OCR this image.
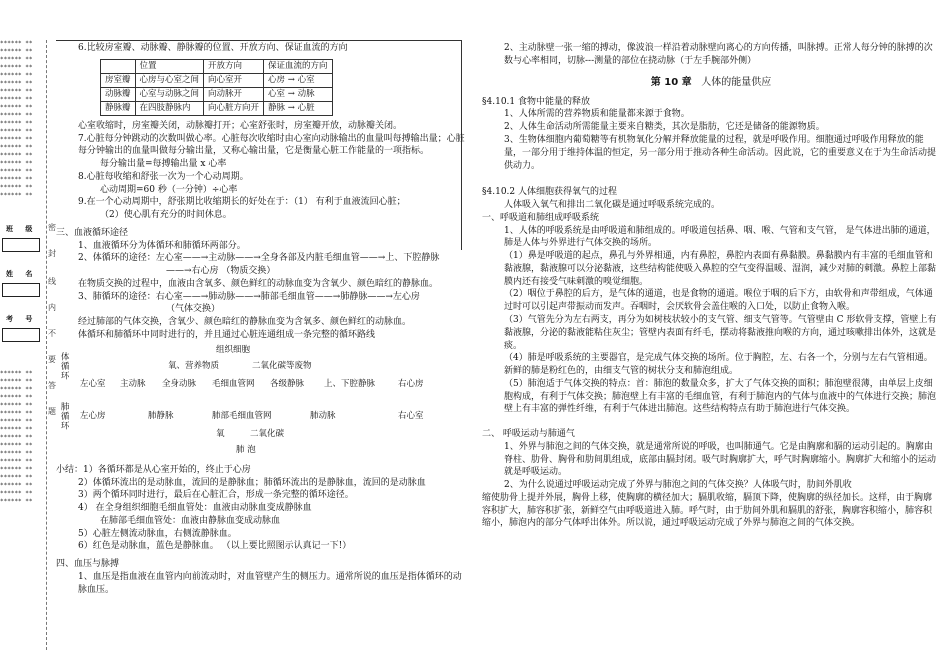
****** **
****** **
****** **
****** **
****** **
****** **
****** **
****** **
****** **
****** **
****** **
****** **
****** **
****** **
****** **
****** **
****** **
****** **
****** **
****** **
****** **
****** **
****** **
****** **
****** **
****** **
****** **
****** **
****** **
****** **
****** **
****** **
****** **
****** **
****** **
****** **
****** **
密
封
线
内
不
要
答
题
班 级
姓 名
考 号

6.比较房室瓣、动脉瓣、静脉瓣的位置、开放方向、保证血流的方向

	位置	开放方向	保证血流的方向
房室瓣	心房与心室之间	向心室开	心房 → 心室
动脉瓣	心室与动脉之间	向动脉开	心室 → 动脉
静脉瓣	在四肢静脉内	向心脏方向开	静脉 → 心脏

心室收缩时，房室瓣关闭，动脉瓣打开；心室舒张时，房室瓣开放，动脉瓣关闭。

7.心脏每分钟跳动的次数叫做心率。心脏每次收缩时由心室向动脉输出的血量叫每搏输出量；心脏每分钟输出的血量叫做每分输出量，又称心输出量，它是衡量心脏工作能量的一项指标。

每分输出量=每搏输出量 x 心率

8.心脏每收缩和舒张一次为一个心动周期。

心动周期=60 秒（一分钟）÷心率

9.在一个心动周期中，舒张期比收缩期长的好处在于：（1） 有利于血液流回心脏；

（2）使心肌有充分的时间休息。

三、血液循环途径

1、血液循环分为体循环和肺循环两部分。

2、体循环的途径：左心室——→主动脉——→全身各部及内脏毛细血管——→上、下腔静脉

——→右心房 （物质交换）

在物质交换的过程中，血液由含氧多、颜色鲜红的动脉血变为含氧少、颜色暗红的静脉血。

3、肺循环的途径：右心室——→肺动脉——→肺部毛细血管——→肺静脉——→左心房

（气体交换）

经过肺部的气体交换，含氧少、颜色暗红的静脉血变为含氧多、颜色鲜红的动脉血。

体循环和肺循环中同时进行的，并且通过心脏连通组成一条完整的循环路线

组织细胞
氧、营养物质	二氧化碳等废物
体循环
左心室 主动脉 全身动脉 毛细血管网 各级静脉 上、下腔静脉	右心房
肺循环 左心房	肺静脉	肺部毛细血管网	肺动脉	右心室
氧	二氧化碳
肺 泡

小结：1）各循环都是从心室开始的，终止于心房

2）体循环流出的是动脉血，流回的是静脉血；肺循环流出的是静脉血，流回的是动脉血

3）两个循环同时进行，最后在心脏汇合，形成一条完整的循环途径。

4） 在全身组织细胞毛细血管处：血液由动脉血变成静脉血

在肺部毛细血管处：血液由静脉血变成动脉血

5）心脏左侧流动脉血，右侧流静脉血。

6）红色是动脉血，蓝色是静脉血。 （以上要比照图示认真记一下!）

四、血压与脉搏

1、血压是指血液在血管内向前流动时，对血管壁产生的侧压力。通常所说的血压是指体循环的动脉血压。

2、主动脉壁一张一缩的搏动，像波浪一样沿着动脉壁向离心的方向传播，叫脉搏。正常人每分钟的脉搏的次数与心率相同，切脉---测量的部位在挠动脉（于左手腕部外侧）

第 10 章 人体的能量供应

§4.10.1 食物中能量的释放

1、人体所需的营养物质和能量都来源于食物。

2、人体生命活动所需能量主要来自糖类，其次是脂肪，它还是储备的能源物质。

3、生物体细胞内葡萄糖等有机物氧化分解并释放能量的过程，就是呼吸作用。细胞通过呼吸作用释放的能量，一部分用于维持体温的恒定，另一部分用于推动各种生命活动。因此说，它的重要意义在于为生命活动提供动力。

§4.10.2 人体细胞获得氧气的过程

人体吸入氧气和排出二氧化碳是通过呼吸系统完成的。

一、呼吸道和肺组成呼吸系统

1、人体的呼吸系统是由呼吸道和肺组成的。呼吸道包括鼻、咽、喉、气管和支气管， 是气体进出肺的通道，肺是人体与外界进行气体交换的场所。

（1）鼻是呼吸道的起点，鼻孔与外界相通，内有鼻腔，鼻腔内表面有鼻黏膜。鼻黏膜内有丰富的毛细血管和黏液腺，黏液腺可以分泌黏液，这些结构能使吸入鼻腔的空气变得温暖、湿润，减少对肺的刺激。鼻腔上部黏膜内还有接受气味刺激的嗅觉细胞。

（2）咽位于鼻腔的后方，是气体的通道，也是食物的通道。喉位于咽的后下方，由软骨和声带组成，气体通过时可以引起声带振动而发声。吞咽时，会厌软骨会盖住喉的入口处，以防止食物入喉。

（3）气管先分为左右两支，再分为如树枝状较小的支气管、细支气管等。气管壁由 C 形软骨支撑，管壁上有黏液腺，分泌的黏液能粘住灰尘；管壁内表面有纤毛，摆动将黏液推向喉的方向，通过咳嗽排出体外，这就是痰。

（4）肺是呼吸系统的主要器官，是完成气体交换的场所。位于胸腔，左、右各一个，分别与左右气管相通。新鲜的肺是粉红色的，由细支气管的树状分支和肺泡组成。

（5）肺泡适于气体交换的特点：首：肺泡的数量众多，扩大了气体交换的面积；肺泡壁很薄，由单层上皮细胞构成，有利于气体交换；肺泡壁上有丰富的毛细血管，有利于肺泡内的气体与血液中的气体进行交换；肺泡壁上有丰富的弹性纤维，有利于气体进出肺泡。这些结构特点有助于肺泡进行气体交换。

二、 呼吸运动与肺通气

1、外界与肺泡之间的气体交换，就是通常所说的呼吸，也叫肺通气。它是由胸廓和膈的运动引起的。胸廓由脊柱、肋骨、胸骨和肋间肌组成，底部由膈封闭。吸气时胸廓扩大，呼气时胸廓缩小。胸廓扩大和缩小的运动就是呼吸运动。

2、为什么说通过呼吸运动完成了外界与肺泡之间的气体交换？人体吸气时，肋间外肌收

缩使肋骨上提并外展，胸骨上移，使胸廓的横径加大；膈肌收缩，膈顶下降，使胸廓的纵径加长。这样，由于胸廓容积扩大，肺容积扩张，新鲜空气由呼吸道进入肺。呼气时，由于肋间外肌和膈肌的舒张，胸廓容积缩小，肺容积缩小，肺泡内的部分气体呼出体外。所以说，通过呼吸运动完成了外界与肺泡之间的气体交换。
